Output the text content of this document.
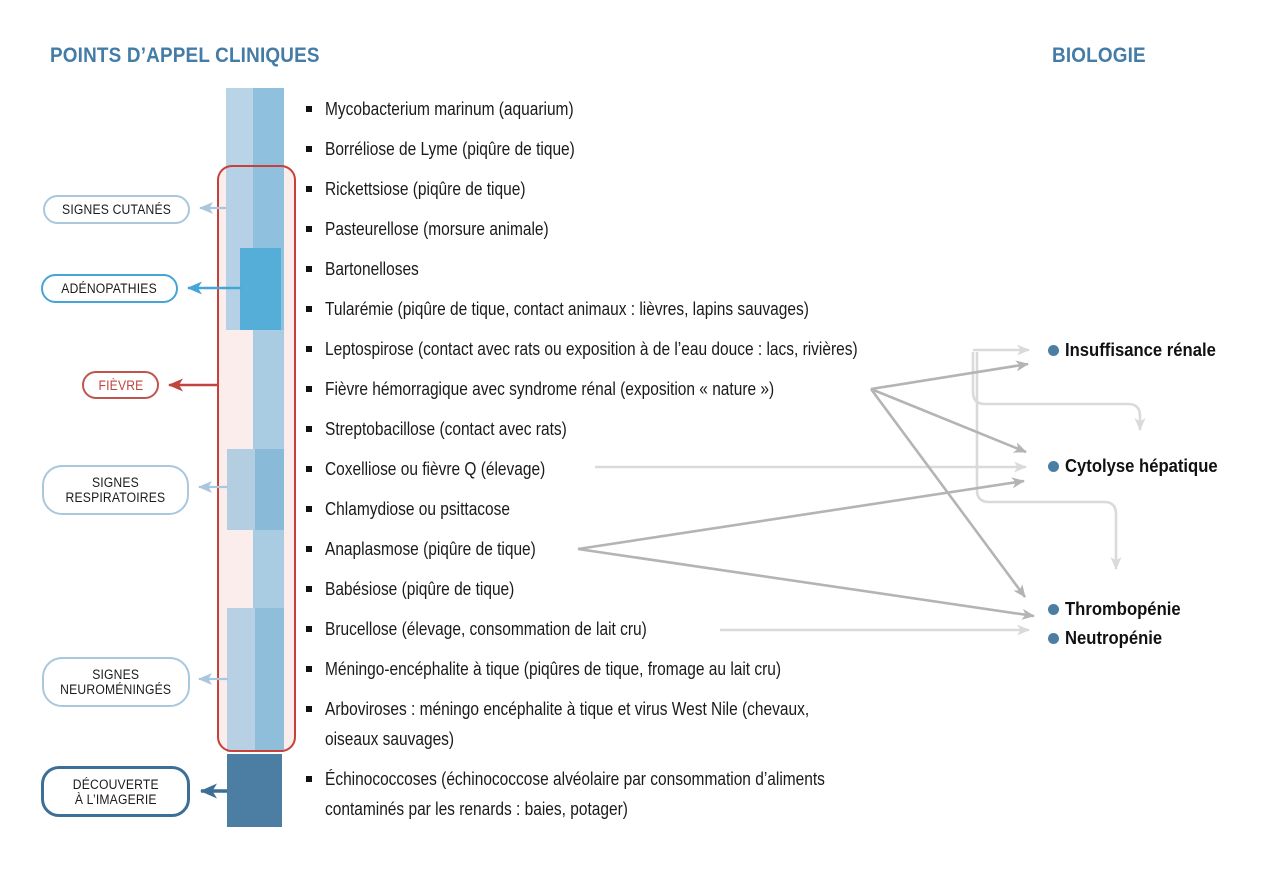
POINTS D’APPEL CLINIQUES	BIOLOGIE
SIGNES CUTANÉS
ADÉNOPATHIES
FIÈVRE
SIGNES
RESPIRATOIRES
SIGNES
NEUROMÉNINGÉS
DÉCOUVERTE
À L’IMAGERIE
Mycobacterium marinum (aquarium)
Borréliose de Lyme (piqûre de tique)
Rickettsiose (piqûre de tique)
Pasteurellose (morsure animale)
Bartonelloses
Tularémie (piqûre de tique, contact animaux : lièvres, lapins sauvages)
Leptospirose (contact avec rats ou exposition à de l’eau douce : lacs, rivières)
Fièvre hémorragique avec syndrome rénal (exposition « nature »)
Streptobacillose (contact avec rats)
Coxelliose ou fièvre Q (élevage)
Chlamydiose ou psittacose
Anaplasmose (piqûre de tique)
Babésiose (piqûre de tique)
Brucellose (élevage, consommation de lait cru)
Méningo-encéphalite à tique (piqûres de tique, fromage au lait cru)
Arboviroses : méningo encéphalite à tique et virus West Nile (chevaux,
oiseaux sauvages)
Échinococcoses (échinococcose alvéolaire par consommation d’aliments
contaminés par les renards : baies, potager)
Insuffisance rénale
Cytolyse hépatique
Thrombopénie
Neutropénie
